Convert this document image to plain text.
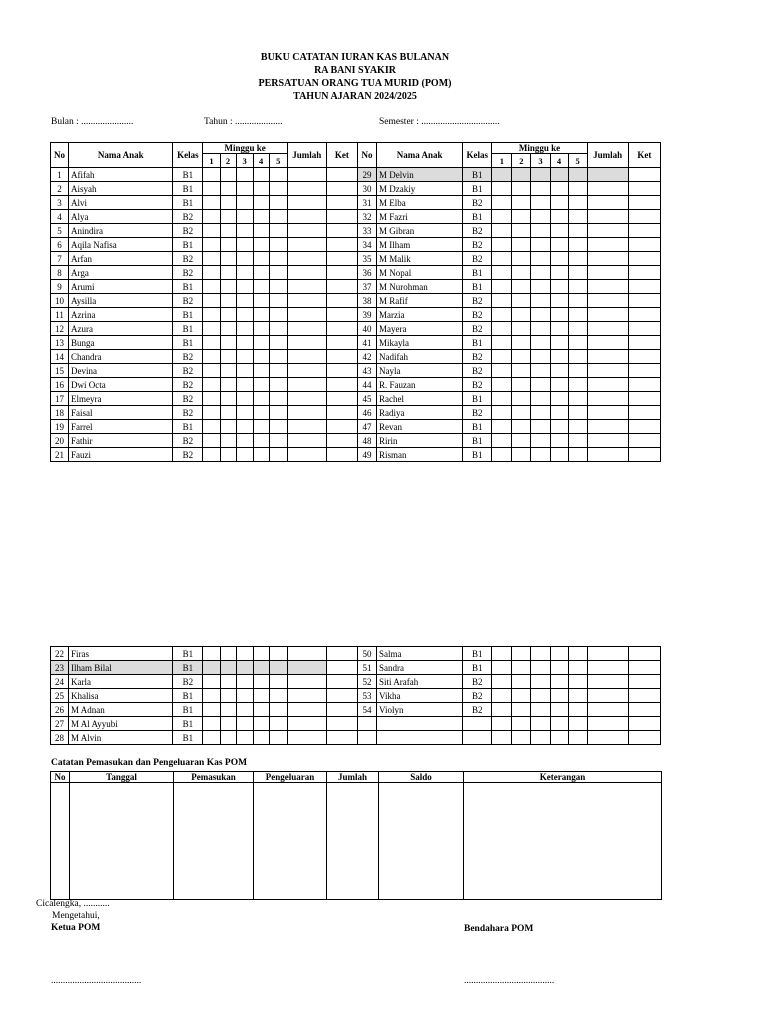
BUKU CATATAN IURAN KAS BULANAN
RA BANI SYAKIR
PERSATUAN ORANG TUA MURID (POM)
TAHUN AJARAN 2024/2025
Bulan : ......................	Tahun : ....................	Semester : .................................
No	Nama Anak	Kelas	Minggu ke					Jumlah	Ket	No	Nama Anak	Kelas	Minggu ke					Jumlah	Ket
			1	2	3	4	5						1	2	3	4	5		
1	Afifah	B1								29	M Delvin	B1							
2	Aisyah	B1								30	M Dzakiy	B1							
3	Alvi	B1								31	M Elba	B2							
4	Alya	B2								32	M Fazri	B1							
5	Anindira	B2								33	M Gibran	B2							
6	Aqila Nafisa	B1								34	M Ilham	B2							
7	Arfan	B2								35	M Malik	B2							
8	Arga	B2								36	M Nopal	B1							
9	Arumi	B1								37	M Nurohman	B1							
10	Aysilla	B2								38	M Rafif	B2							
11	Azrina	B1								39	Marzia	B2							
12	Azura	B1								40	Mayera	B2							
13	Bunga	B1								41	Mikayla	B1							
14	Chandra	B2								42	Nadifah	B2							
15	Devina	B2								43	Nayla	B2							
16	Dwi Octa	B2								44	R. Fauzan	B2							
17	Elmeyra	B2								45	Rachel	B1							
18	Faisal	B2								46	Radiya	B2							
19	Farrel	B1								47	Revan	B1							
20	Fathir	B2								48	Ririn	B1							
21	Fauzi	B2								49	Risman	B1							
22	Firas	B1								50	Salma	B1							
23	Ilham Bilal	B1								51	Sandra	B1							
24	Karla	B2								52	Siti Arafah	B2							
25	Khalisa	B1								53	Vikha	B2							
26	M Adnan	B1								54	Violyn	B2							
27	M Al Ayyubi	B1																	
28	M Alvin	B1																	
Catatan Pemasukan dan Pengeluaran Kas POM
No	Tanggal	Pemasukan	Pengeluaran	Jumlah	Saldo	Keterangan

Cicalengka, ...........
Mengetahui,
Ketua POM	Bendahara POM
......................................	......................................
